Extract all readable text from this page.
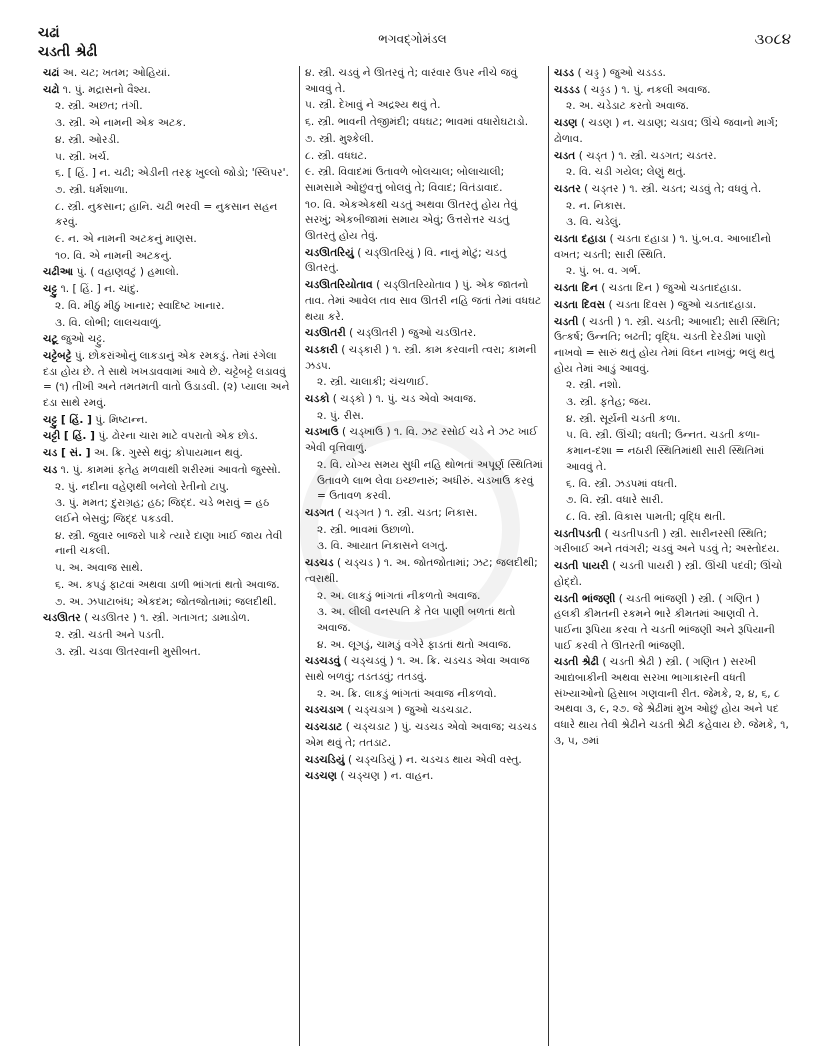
ચઢાં
ચડતી શ્રેઢી
ભગવદ્ગોમંડલ	૩૦૮૪
ચઢાં અ. ચટ; ખતમ; ઓહિયાં.
ચઢો ૧. પું. મદ્રાસનો વૈશ્ય.
૨. સ્ત્રી. અછત; તંગી.
૩. સ્ત્રી. એ નામની એક અટક.
૪. સ્ત્રી. ઓરડી.
૫. સ્ત્રી. ખર્ચ.
૬. [ હિં. ] ન. ચઢી; એડીની તરફ ખુલ્લો જોડો; 'સ્લિપર'.
૭. સ્ત્રી. ધર્મશાળા.
૮. સ્ત્રી. નુકસાન; હાનિ. ચઢી ભરવી = નુકસાન સહન કરવું.
૯. ન. એ નામની અટકનું માણસ.
૧૦. વિ. એ નામની અટકનું.
ચઢીઆ પું. ( વહાણવટું ) હમાલો.
ચટ્ટુ ૧. [ હિં. ] ન. ચાંદુ.
૨. વિ. મીઠું મીઠું ખાનાર; સ્વાદિષ્ટ ખાનાર.
૩. વિ. લોભી; લાલચવાળું.
ચટૂ જુઓ ચટ્ટુ.
ચટ્ટેબટ્ટે પું. છોકરાંઓનું લાકડાનું એક રમકડું. તેમાં રંગેલા દડા હોય છે. તે સાથે ખખડાવવામાં આવે છે. ચટ્ટેબટ્ટે લડાવવું = (૧) તીખી અને તમતમતી વાતો ઉડાડવી. (૨) પ્યાલા અને દડા સાથે રમવું.
ચટ્ટુ [ હિં. ] પું. મિષ્ટાન્ન.
ચટ્ટી [ હિં. ] પું. ઢોરના ચારા માટે વપરાતો એક છોડ.
ચડ [ સં. ] અ. ક્રિ. ગુસ્સે થવું; કોપાયમાન થવું.
ચડ ૧. પું. કામમાં ફતેહ મળવાથી શરીરમાં આવતો જુસ્સો.
૨. પું. નદીના વહેણથી બનેલો રેતીનો ટાપુ.
૩. પું. મમત; દુરાગ્રહ; હઠ; જિદ્દ. ચડે ભરાવું = હઠ લઈને બેસવું; જિદ્દ પકડવી.
૪. સ્ત્રી. જુવાર બાજરો પાકે ત્યારે દાણા ખાઈ જાય તેવી નાની ચકલી.
૫. અ. અવાજ સાથે.
૬. અ. કપડું ફાટવાં અથવા ડાળી ભાંગતાં થતો અવાજ.
૭. અ. ઝપાટાબંધ; એકદમ; જોતજોતામાં; જલદીથી.
ચડઊતર ( ચડઊતર ) ૧. સ્ત્રી. ગતાગત; ડામાડોળ.
૨. સ્ત્રી. ચડતી અને પડતી.
૩. સ્ત્રી. ચડવા ઊતરવાની મુસીબત.
૪. સ્ત્રી. ચડવું ને ઊતરવું તે; વારંવાર ઉપર નીચે જવું આવવું તે.
૫. સ્ત્રી. દેખાવું ને અદ્રશ્ય થવું તે.
૬. સ્ત્રી. ભાવની તેજીમંદી; વધઘટ; ભાવમાં વધારોઘટાડો.
૭. સ્ત્રી. મુશ્કેલી.
૮. સ્ત્રી. વધઘટ.
૯. સ્ત્રી. વિવાદમાં ઉતાવળે બોલચાલ; બોલાચાલી; સામસામે ઓછુંવત્તું બોલવું તે; વિવાદ; વિતંડાવાદ.
૧૦. વિ. એકએકથી ચડતું અથવા ઊતરતું હોય તેવું સરખું; એકબીજામાં સમાય એવું; ઉત્તરોત્તર ચડતું ઊતરતું હોય તેવું.
ચડઊતરિયું ( ચડ્ઊતરિયું ) વિ. નાનું મોટું; ચડતું ઊતરતું.
ચડઊતરિયોતાવ ( ચડ્ઊતરિયોતાવ ) પું. એક જાતનો તાવ. તેમાં આવેલ તાવ સાવ ઊતરી નહિ જતાં તેમાં વધઘટ થયા કરે.
ચડઊતરી ( ચડ્ઊતરી ) જુઓ ચડઊતર.
ચડકારી ( ચડ્કારી ) ૧. સ્ત્રી. કામ કરવાની ત્વરા; કામની ઝડપ.
૨. સ્ત્રી. ચાલાકી; ચંચળાઈ.
ચડકો ( ચડ્કો ) ૧. પું. ચડ એવો અવાજ.
૨. પું. રીસ.
ચડખાઉ ( ચડ્ખાઉ ) ૧. વિ. ઝટ રસોઈ ચડે ને ઝટ ખાઈ એવી વૃત્તિવાળું.
૨. વિ. યોગ્ય સમય સુધી નહિ થોભતાં અપૂર્ણ સ્થિતિમાં ઉતાવળે લાભ લેવા ઇચ્છનારું; અધીરું. ચડખાઉ કરવું = ઉતાવળ કરવી.
ચડગત ( ચડ્ગત ) ૧. સ્ત્રી. ચડત; નિકાસ.
૨. સ્ત્રી. ભાવમાં ઉછાળો.
૩. વિ. આયાત નિકાસને લગતું.
ચડચડ ( ચડ્ચડ ) ૧. અ. જોતજોતામાં; ઝટ; જલદીથી; ત્વરાથી.
૨. અ. લાકડું ભાંગતાં નીકળતો અવાજ.
૩. અ. લીલી વનસ્પતિ કે તેલ પાણી બળતાં થતો અવાજ.
૪. અ. લૂગડું, ચામડું વગેરે ફાડતાં થતો અવાજ.
ચડચડવું ( ચડ્ચડવું ) ૧. અ. ક્રિ. ચડચડ એવા અવાજ સાથે બળવું; તડતડવું; તતડવું.
૨. અ. ક્રિ. લાકડું ભાંગતાં અવાજ નીકળવો.
ચડચડાગ ( ચડ્ચડાગ ) જુઓ ચડચડાટ.
ચડચડાટ ( ચડ્ચડાટ ) પું. ચડચડ એવો અવાજ; ચડચડ એમ થવું તે; તતડાટ.
ચડચડિયું ( ચડ્ચડિયું ) ન. ચડચડ થાય એવી વસ્તુ.
ચડચણ ( ચડ્ચણ ) ન. વાહન.
ચડડ ( ચડ્ડ ) જુઓ ચડડડ.
ચડડડ ( ચડ્ડડ ) ૧. પું. નકલી અવાજ.
૨. અ. ચડેડાટ કરતો અવાજ.
ચડણ ( ચડણ ) ન. ચડાણ; ચડાવ; ઊંચે જવાનો માર્ગ; ઢોળાવ.
ચડત ( ચડ્ત ) ૧. સ્ત્રી. ચડગત; ચડતર.
૨. વિ. ચડી ગયેલ; લેણું થતું.
ચડતર ( ચડ્તર ) ૧. સ્ત્રી. ચડત; ચડવું તે; વધવું તે.
૨. ન. નિકાસ.
૩. વિ. ચડેલું.
ચડતા દહાડા ( ચડતા દહાડા ) ૧. પું.બ.વ. આબાદીનો વખત; ચડતી; સારી સ્થિતિ.
૨. પું. બ. વ. ગર્ભ.
ચડતા દિન ( ચડતા દિન ) જુઓ ચડતાદહાડા.
ચડતા દિવસ ( ચડતા દિવસ ) જુઓ ચડતાદહાડા.
ચડતી ( ચડતી ) ૧. સ્ત્રી. ચડતી; આબાદી; સારી સ્થિતિ; ઉત્કર્ષ; ઉન્નતિ; બઢતી; વૃદ્ધિ. ચડતી દેરડીમાં પાણો નાખવો = સારું થતું હોય તેમાં વિઘ્ન નાખવું; ભલું થતું હોય તેમાં આડું આવવું.
૨. સ્ત્રી. નશો.
૩. સ્ત્રી. ફતેહ; જય.
૪. સ્ત્રી. સૂર્યની ચડતી કળા.
૫. વિ. સ્ત્રી. ઊંચી; વધતી; ઉન્નત. ચડતી કળા-કમાન-દશા = નઠારી સ્થિતિમાંથી સારી સ્થિતિમાં આવવું તે.
૬. વિ. સ્ત્રી. ઝડપમાં વધતી.
૭. વિ. સ્ત્રી. વધારે સારી.
૮. વિ. સ્ત્રી. વિકાસ પામતી; વૃદ્ધિ થતી.
ચડતીપડતી ( ચડતીપડતી ) સ્ત્રી. સારીનરસી સ્થિતિ; ગરીબાઈ અને તવંગરી; ચડવું અને પડવું તે; અસ્તોદય.
ચડતી પાયરી ( ચડતી પાયરી ) સ્ત્રી. ઊંચી પદવી; ઊંચો હોદ્દો.
ચડતી ભાંજણી ( ચડતી ભાંજણી ) સ્ત્રી. ( ગણિત ) હલકી કીમતની રકમને ભારે કીમતમાં આણવી તે. પાઈના રૂપિયા કરવા તે ચડતી ભાંજણી અને રૂપિયાની પાઈ કરવી તે ઊતરતી ભાંજણી.
ચડતી શ્રેઢી ( ચડતી શ્રેઢી ) સ્ત્રી. ( ગણિત ) સરખી આદ્યબાકીની અથવા સરખા ભાગાકારની વધતી સંખ્યાઓનો હિસાબ ગણવાની રીત. જેમકે, ૨, ૪, ૬, ૮ અથવા ૩, ૯, ૨૭. જે શ્રેઢીમાં મુખ ઓછું હોય અને પદ વધારે થાય તેવી શ્રેઢીને ચડતી શ્રેઢી કહેવાય છે. જેમકે, ૧, ૩, ૫, ૭માં
